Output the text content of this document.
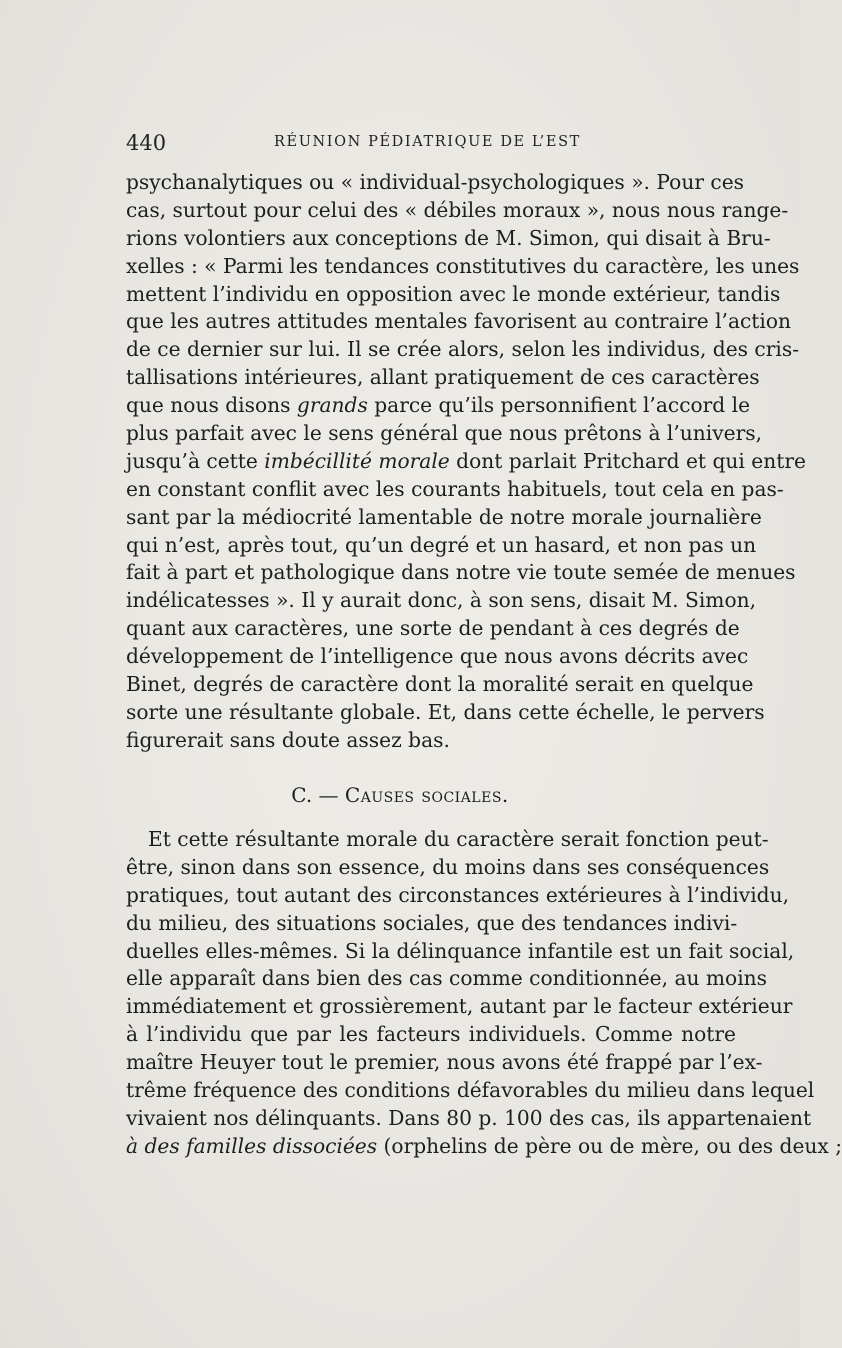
440	RÉUNION PÉDIATRIQUE DE L’EST
psychanalytiques ou « individual-psychologiques ». Pour ces
cas, surtout pour celui des « débiles moraux », nous nous range-
rions volontiers aux conceptions de M. Simon, qui disait à Bru-
xelles : « Parmi les tendances constitutives du caractère, les unes
mettent l’individu en opposition avec le monde extérieur, tandis
que les autres attitudes mentales favorisent au contraire l’action
de ce dernier sur lui. Il se crée alors, selon les individus, des cris-
tallisations intérieures, allant pratiquement de ces caractères
que nous disons grands parce qu’ils personnifient l’accord le
plus parfait avec le sens général que nous prêtons à l’univers,
jusqu’à cette imbécillité morale dont parlait Pritchard et qui entre
en constant conflit avec les courants habituels, tout cela en pas-
sant par la médiocrité lamentable de notre morale journalière
qui n’est, après tout, qu’un degré et un hasard, et non pas un
fait à part et pathologique dans notre vie toute semée de menues
indélicatesses ». Il y aurait donc, à son sens, disait M. Simon,
quant aux caractères, une sorte de pendant à ces degrés de
développement de l’intelligence que nous avons décrits avec
Binet, degrés de caractère dont la moralité serait en quelque
sorte une résultante globale. Et, dans cette échelle, le pervers
figurerait sans doute assez bas.
C. — Causes sociales.
Et cette résultante morale du caractère serait fonction peut-
être, sinon dans son essence, du moins dans ses conséquences
pratiques, tout autant des circonstances extérieures à l’individu,
du milieu, des situations sociales, que des tendances indivi-
duelles elles-mêmes. Si la délinquance infantile est un fait social,
elle apparaît dans bien des cas comme conditionnée, au moins
immédiatement et grossièrement, autant par le facteur extérieur
à l’individu que par les facteurs individuels. Comme notre
maître Heuyer tout le premier, nous avons été frappé par l’ex-
trême fréquence des conditions défavorables du milieu dans lequel
vivaient nos délinquants. Dans 80 p. 100 des cas, ils appartenaient
à des familles dissociées (orphelins de père ou de mère, ou des deux ;
